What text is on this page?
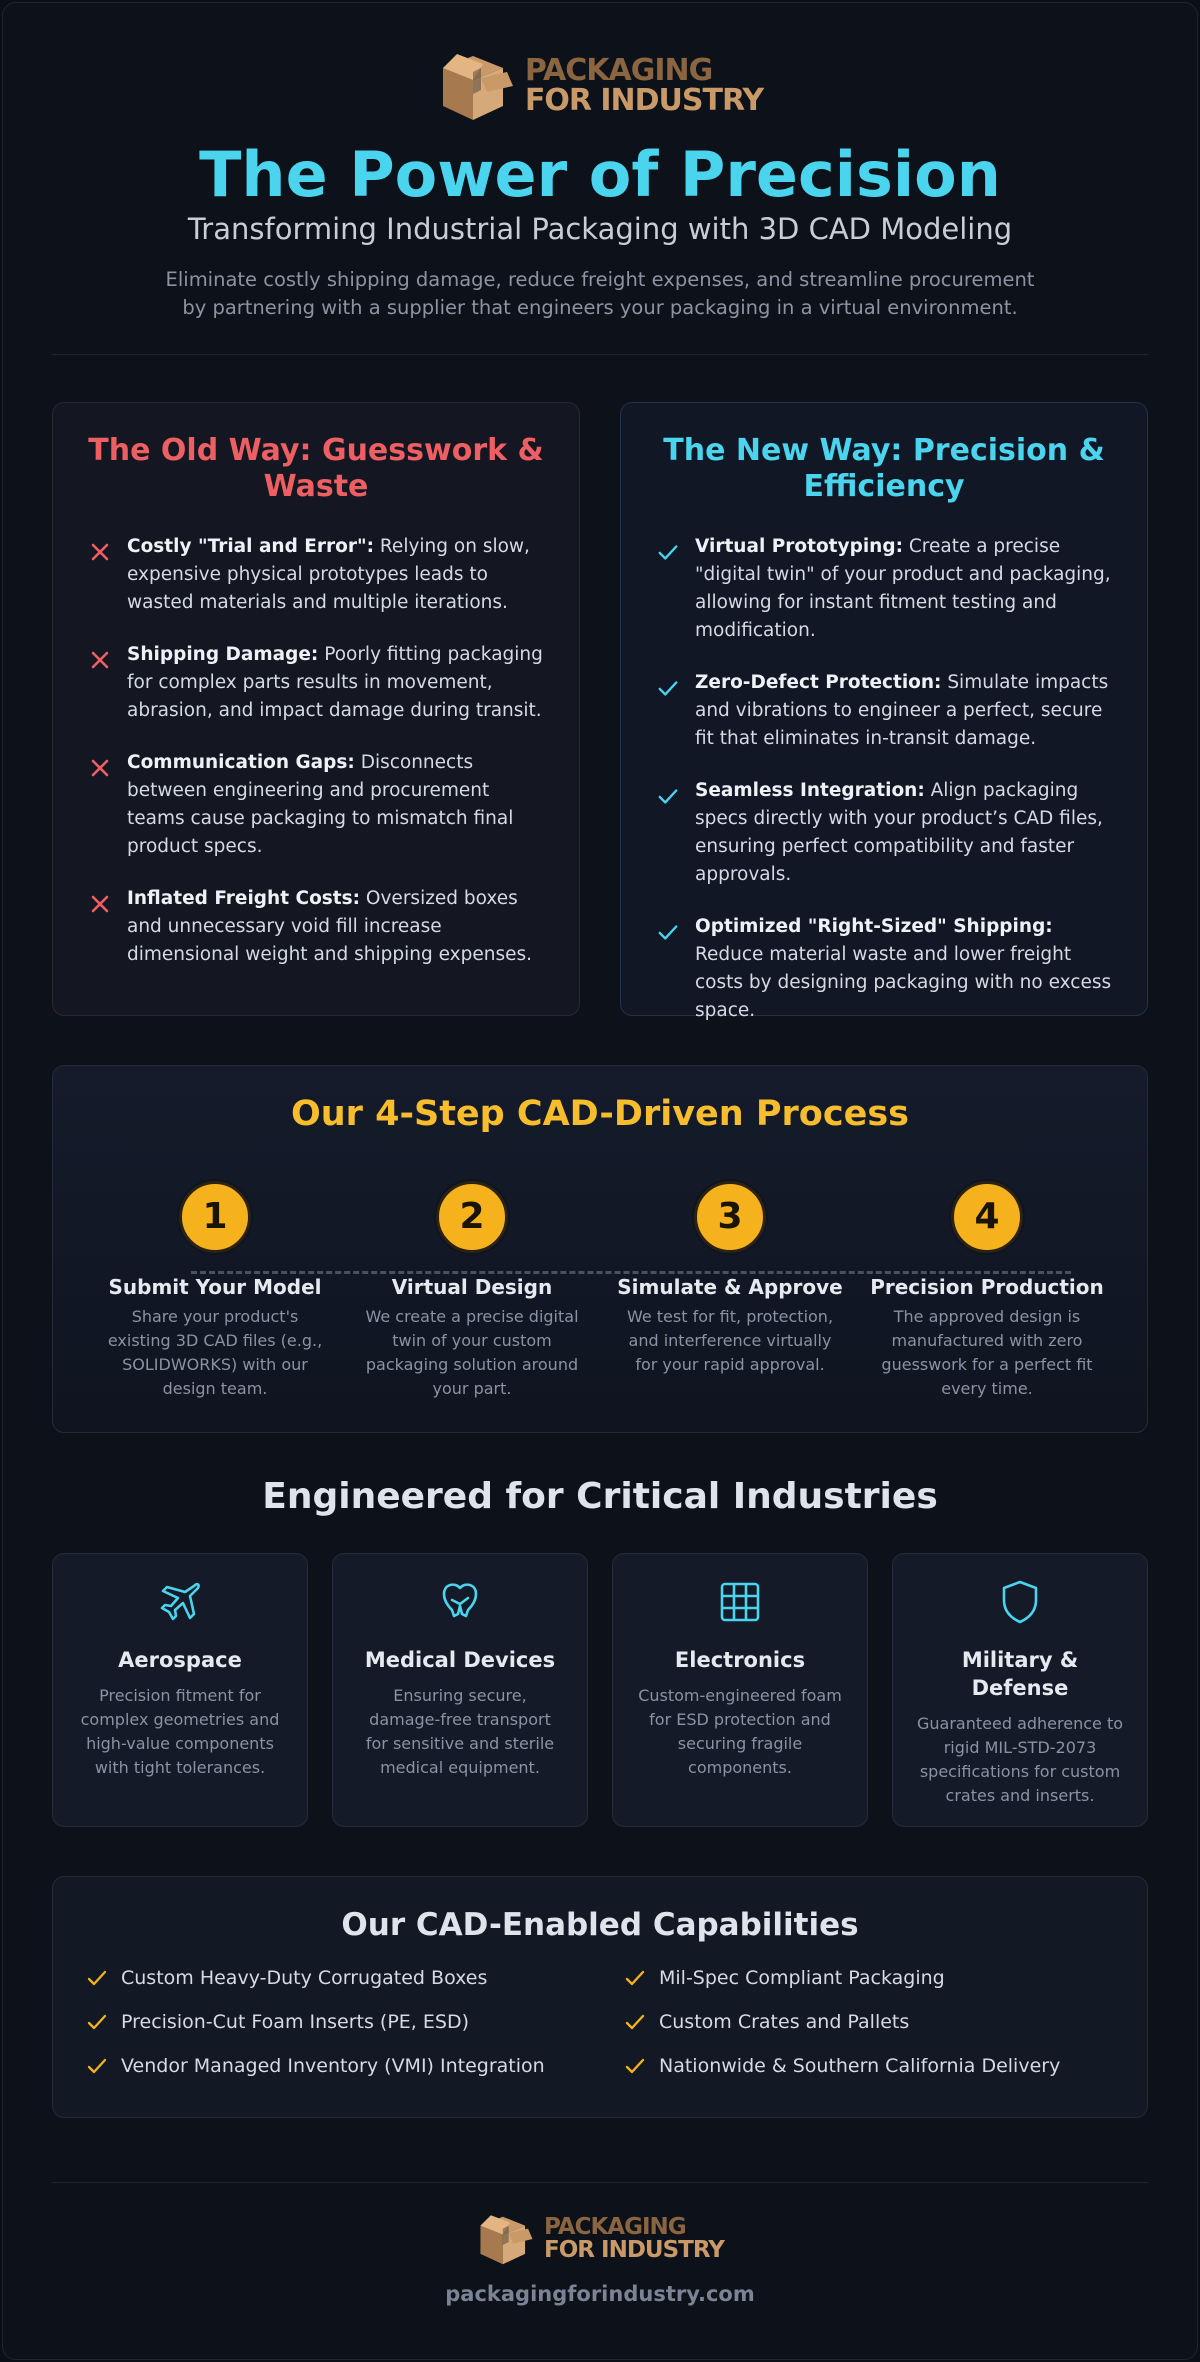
PACKAGING
FOR INDUSTRY
The Power of Precision
Transforming Industrial Packaging with 3D CAD Modeling
Eliminate costly shipping damage, reduce freight expenses, and streamline procurement
by partnering with a supplier that engineers your packaging in a virtual environment.
The Old Way: Guesswork & Waste
Costly "Trial and Error": Relying on slow, expensive physical prototypes leads to wasted materials and multiple iterations.
Shipping Damage: Poorly fitting packaging for complex parts results in movement, abrasion, and impact damage during transit.
Communication Gaps: Disconnects between engineering and procurement teams cause packaging to mismatch final product specs.
Inflated Freight Costs: Oversized boxes and unnecessary void fill increase dimensional weight and shipping expenses.
The New Way: Precision & Efficiency
Virtual Prototyping: Create a precise "digital twin" of your product and packaging, allowing for instant fitment testing and modification.
Zero-Defect Protection: Simulate impacts and vibrations to engineer a perfect, secure fit that eliminates in-transit damage.
Seamless Integration: Align packaging specs directly with your product’s CAD files, ensuring perfect compatibility and faster approvals.
Optimized "Right-Sized" Shipping: Reduce material waste and lower freight costs by designing packaging with no excess space.
Our 4-Step CAD-Driven Process
1
Submit Your Model
Share your product's existing 3D CAD files (e.g., SOLIDWORKS) with our design team.
2
Virtual Design
We create a precise digital twin of your custom packaging solution around your part.
3
Simulate & Approve
We test for fit, protection, and interference virtually for your rapid approval.
4
Precision Production
The approved design is manufactured with zero guesswork for a perfect fit every time.
Engineered for Critical Industries
Aerospace
Precision fitment for complex geometries and high-value components with tight tolerances.
Medical Devices
Ensuring secure, damage-free transport for sensitive and sterile medical equipment.
Electronics
Custom-engineered foam for ESD protection and securing fragile components.
Military & Defense
Guaranteed adherence to rigid MIL-STD-2073 specifications for custom crates and inserts.
Our CAD-Enabled Capabilities
Custom Heavy-Duty Corrugated Boxes	Mil-Spec Compliant Packaging
Precision-Cut Foam Inserts (PE, ESD)	Custom Crates and Pallets
Vendor Managed Inventory (VMI) Integration	Nationwide & Southern California Delivery
PACKAGING
FOR INDUSTRY
packagingforindustry.com
